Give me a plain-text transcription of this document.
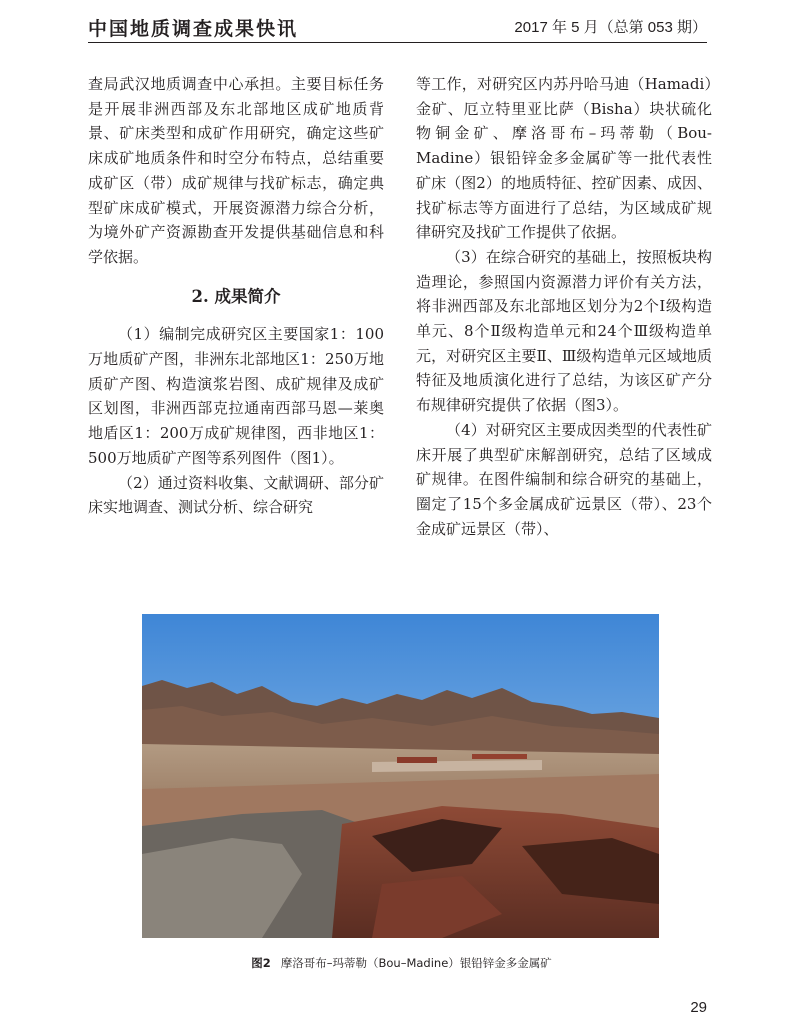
中国地质调查成果快讯	2017 年 5 月（总第 053 期）

查局武汉地质调查中心承担。主要目标任务是开展非洲西部及东北部地区成矿地质背景、矿床类型和成矿作用研究，确定这些矿床成矿地质条件和时空分布特点，总结重要成矿区（带）成矿规律与找矿标志，确定典型矿床成矿模式，开展资源潜力综合分析，为境外矿产资源勘查开发提供基础信息和科学依据。

2. 成果简介

（1）编制完成研究区主要国家1：100万地质矿产图，非洲东北部地区1：250万地质矿产图、构造演浆岩图、成矿规律及成矿区划图，非洲西部克拉通南西部马恩—莱奥地盾区1：200万成矿规律图，西非地区1：500万地质矿产图等系列图件（图1）。

（2）通过资料收集、文献调研、部分矿床实地调查、测试分析、综合研究

等工作，对研究区内苏丹哈马迪（Hamadi）金矿、厄立特里亚比萨（Bisha）块状硫化物铜金矿、摩洛哥布–玛蒂勒（Bou-Madine）银铅锌金多金属矿等一批代表性矿床（图2）的地质特征、控矿因素、成因、找矿标志等方面进行了总结，为区域成矿规律研究及找矿工作提供了依据。

（3）在综合研究的基础上，按照板块构造理论，参照国内资源潜力评价有关方法，将非洲西部及东北部地区划分为2个Ⅰ级构造单元、8个Ⅱ级构造单元和24个Ⅲ级构造单元，对研究区主要Ⅱ、Ⅲ级构造单元区域地质特征及地质演化进行了总结，为该区矿产分布规律研究提供了依据（图3）。

（4）对研究区主要成因类型的代表性矿床开展了典型矿床解剖研究，总结了区域成矿规律。在图件编制和综合研究的基础上，圈定了15个多金属成矿远景区（带）、23个金成矿远景区（带）、

图2 摩洛哥布–玛蒂勒（Bou–Madine）银铅锌金多金属矿
29
